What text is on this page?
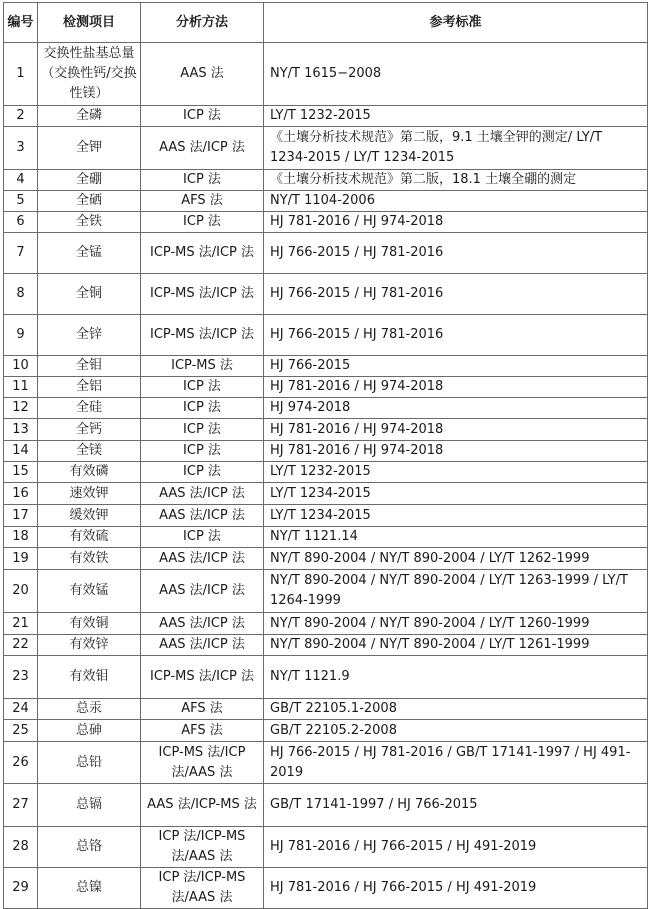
编号	检测项目	分析方法	参考标准
1	交换性盐基总量（交换性钙/交换性镁）	AAS 法	NY/T 1615−2008
2	全磷	ICP 法	LY/T 1232-2015
3	全钾	AAS 法/ICP 法	《土壤分析技术规范》第二版，9.1 土壤全钾的测定/ LY/T 1234-2015 / LY/T 1234-2015
4	全硼	ICP 法	《土壤分析技术规范》第二版，18.1 土壤全硼的测定
5	全硒	AFS 法	NY/T 1104-2006
6	全铁	ICP 法	HJ 781-2016 / HJ 974-2018
7	全锰	ICP-MS 法/ICP 法	HJ 766-2015 / HJ 781-2016
8	全铜	ICP-MS 法/ICP 法	HJ 766-2015 / HJ 781-2016
9	全锌	ICP-MS 法/ICP 法	HJ 766-2015 / HJ 781-2016
10	全钼	ICP-MS 法	HJ 766-2015
11	全铝	ICP 法	HJ 781-2016 / HJ 974-2018
12	全硅	ICP 法	HJ 974-2018
13	全钙	ICP 法	HJ 781-2016 / HJ 974-2018
14	全镁	ICP 法	HJ 781-2016 / HJ 974-2018
15	有效磷	ICP 法	LY/T 1232-2015
16	速效钾	AAS 法/ICP 法	LY/T 1234-2015
17	缓效钾	AAS 法/ICP 法	LY/T 1234-2015
18	有效硫	ICP 法	NY/T 1121.14
19	有效铁	AAS 法/ICP 法	NY/T 890-2004 / NY/T 890-2004 / LY/T 1262-1999
20	有效锰	AAS 法/ICP 法	NY/T 890-2004 / NY/T 890-2004 / LY/T 1263-1999 / LY/T 1264-1999
21	有效铜	AAS 法/ICP 法	NY/T 890-2004 / NY/T 890-2004 / LY/T 1260-1999
22	有效锌	AAS 法/ICP 法	NY/T 890-2004 / NY/T 890-2004 / LY/T 1261-1999
23	有效钼	ICP-MS 法/ICP 法	NY/T 1121.9
24	总汞	AFS 法	GB/T 22105.1-2008
25	总砷	AFS 法	GB/T 22105.2-2008
26	总铅	ICP-MS 法/ICP 法/AAS 法	HJ 766-2015 / HJ 781-2016 / GB/T 17141-1997 / HJ 491-2019
27	总镉	AAS 法/ICP-MS 法	GB/T 17141-1997 / HJ 766-2015
28	总铬	ICP 法/ICP-MS 法/AAS 法	HJ 781-2016 / HJ 766-2015 / HJ 491-2019
29	总镍	ICP 法/ICP-MS 法/AAS 法	HJ 781-2016 / HJ 766-2015 / HJ 491-2019
